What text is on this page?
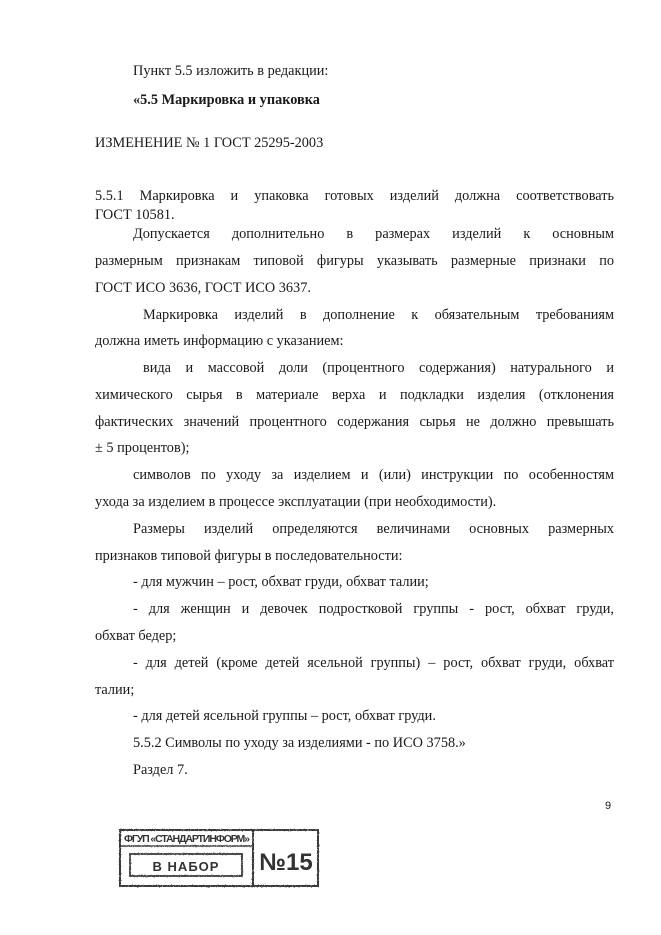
Пункт 5.5 изложить в редакции:
«5.5 Маркировка и упаковка
ИЗМЕНЕНИЕ № 1 ГОСТ 25295-2003
5.5.1 Маркировка и упаковка готовых изделий должна соответствовать
ГОСТ 10581.
Допускается дополнительно в размерах изделий к основным
размерным признакам типовой фигуры указывать размерные признаки по
ГОСТ ИСО 3636, ГОСТ ИСО 3637.
Маркировка изделий в дополнение к обязательным требованиям
должна иметь информацию с указанием:
вида и массовой доли (процентного содержания) натурального и
химического сырья в материале верха и подкладки изделия (отклонения
фактических значений процентного содержания сырья не должно превышать
± 5 процентов);
символов по уходу за изделием и (или) инструкции по особенностям
ухода за изделием в процессе эксплуатации (при необходимости).
Размеры изделий определяются величинами основных размерных
признаков типовой фигуры в последовательности:
- для мужчин – рост, обхват груди, обхват талии;
- для женщин и девочек подростковой группы - рост, обхват груди,
обхват бедер;
- для детей (кроме детей ясельной группы) – рост, обхват груди, обхват
талии;
- для детей ясельной группы – рост, обхват груди.
5.5.2 Символы по уходу за изделиями - по ИСО 3758.»
Раздел 7.
9
ФГУП «СТАНДАРТИНФОРМ»
В НАБОР №15
